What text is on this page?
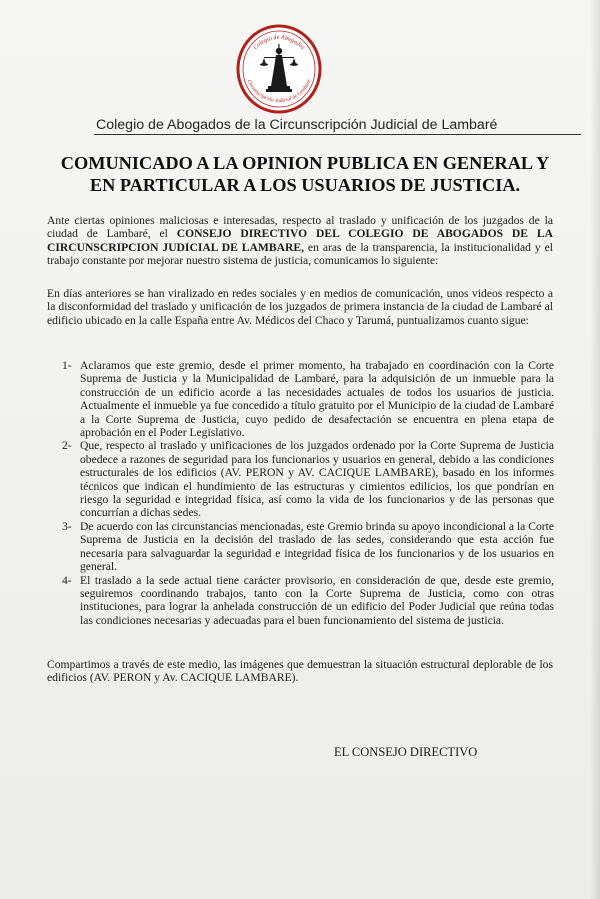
Colegio de Abogados
Circunscripción Judicial de Lambaré
Colegio de Abogados de la Circunscripción Judicial de Lambaré
COMUNICADO A LA OPINION PUBLICA EN GENERAL Y
EN PARTICULAR A LOS USUARIOS DE JUSTICIA.
Ante ciertas opiniones maliciosas e interesadas, respecto al traslado y unificación de los juzgados de la ciudad de Lambaré, el CONSEJO DIRECTIVO DEL COLEGIO DE ABOGADOS DE LA CIRCUNSCRIPCION JUDICIAL DE LAMBARE, en aras de la transparencia, la institucionalidad y el trabajo constante por mejorar nuestro sistema de justicia, comunicamos lo siguiente:
En días anteriores se han viralizado en redes sociales y en medios de comunicación, unos videos respecto a la disconformidad del traslado y unificación de los juzgados de primera instancia de la ciudad de Lambaré al edificio ubicado en la calle España entre Av. Médicos del Chaco y Tarumá, puntualizamos cuanto sigue:
1- Aclaramos que este gremio, desde el primer momento, ha trabajado en coordinación con la Corte Suprema de Justicia y la Municipalidad de Lambaré, para la adquisición de un inmueble para la construcción de un edificio acorde a las necesidades actuales de todos los usuarios de justicia. Actualmente el inmueble ya fue concedido a título gratuito por el Municipio de la ciudad de Lambaré a la Corte Suprema de Justicia, cuyo pedido de desafectación se encuentra en plena etapa de aprobación en el Poder Legislativo.
2- Que, respecto al traslado y unificaciones de los juzgados ordenado por la Corte Suprema de Justicia obedece a razones de seguridad para los funcionarios y usuarios en general, debido a las condiciones estructurales de los edificios (AV. PERON y AV. CACIQUE LAMBARE), basado en los informes técnicos que indican el hundimiento de las estructuras y cimientos edilicios, los que pondrían en riesgo la seguridad e integridad física, así como la vida de los funcionarios y de las personas que concurrían a dichas sedes.
3- De acuerdo con las circunstancias mencionadas, este Gremio brinda su apoyo incondicional a la Corte Suprema de Justicia en la decisión del traslado de las sedes, considerando que esta acción fue necesaria para salvaguardar la seguridad e integridad física de los funcionarios y de los usuarios en general.
4- El traslado a la sede actual tiene carácter provisorio, en consideración de que, desde este gremio, seguiremos coordinando trabajos, tanto con la Corte Suprema de Justicia, como con otras instituciones, para lograr la anhelada construcción de un edificio del Poder Judicial que reúna todas las condiciones necesarias y adecuadas para el buen funcionamiento del sistema de justicia.
Compartimos a través de este medio, las imágenes que demuestran la situación estructural deplorable de los edificios (AV. PERON y Av. CACIQUE LAMBARE).
EL CONSEJO DIRECTIVO
